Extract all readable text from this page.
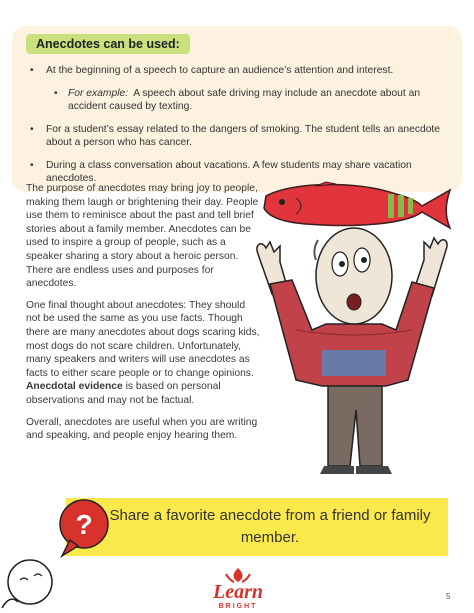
Anecdotes can be used:
• At the beginning of a speech to capture an audience’s attention and interest.
• For example:  A speech about safe driving may include an anecdote about an accident caused by texting.
• For a student’s essay related to the dangers of smoking. The student tells an anecdote about a person who has cancer.
• During a class conversation about vacations. A few students may share vacation anecdotes.

The purpose of anecdotes may bring joy to people, making them laugh or brightening their day. People use them to reminisce about the past and tell brief stories about a family member. Anecdotes can be used to inspire a group of people, such as a speaker sharing a story about a heroic person. There are endless uses and purposes for anecdotes.

One final thought about anecdotes: They should not be used the same as you use facts. Though there are many anecdotes about dogs scaring kids, most dogs do not scare children. Unfortunately, many speakers and writers will use anecdotes as facts to either scare people or to change opinions. Anecdotal evidence is based on personal observations and may not be factual.

Overall, anecdotes are useful when you are writing and speaking, and people enjoy hearing them.

Share a favorite anecdote from a friend or family member.
?
Learn
BRIGHT
5
